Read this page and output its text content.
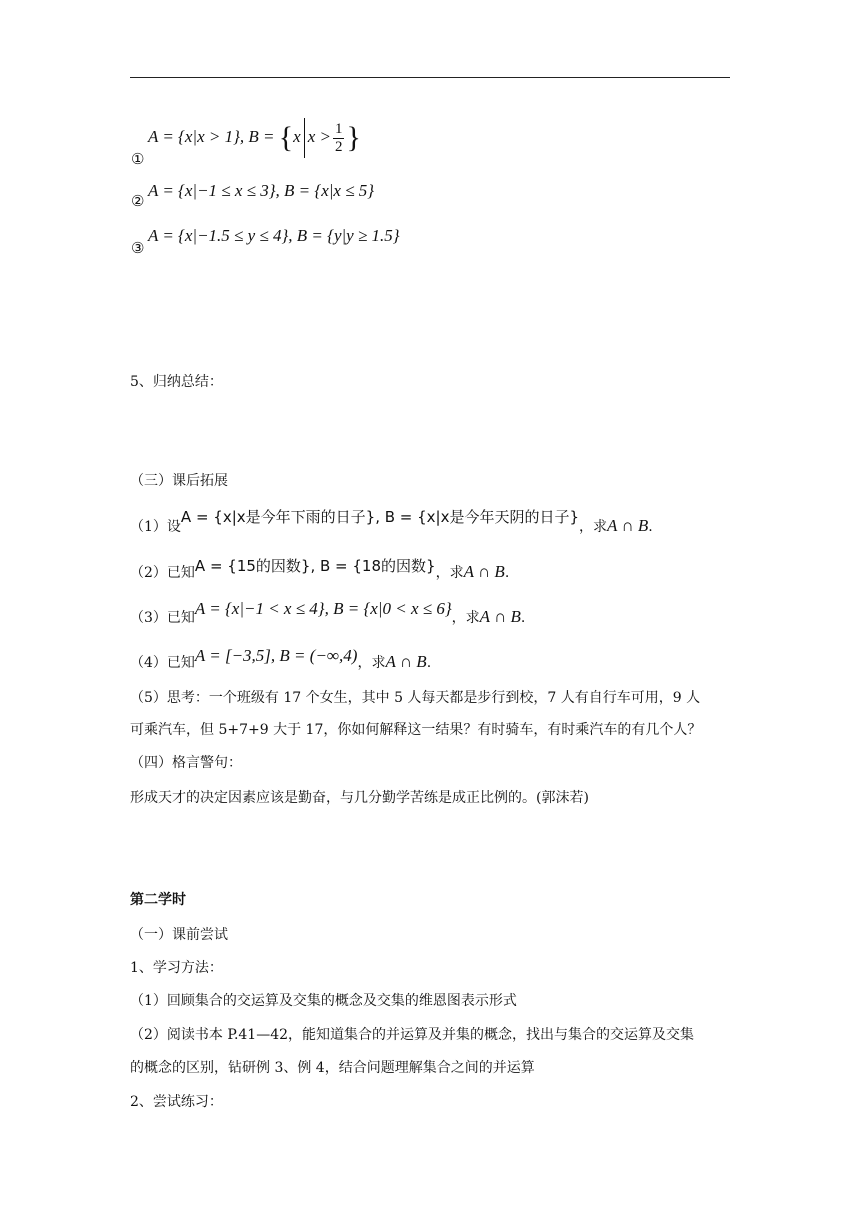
A = {x|x > 1}, B = {x $x > \frac{1}{2}$ }
①
A = {x|−1 ≤ x ≤ 3}, B = {x|x ≤ 5}
②
A = {x|−1.5 ≤ y ≤ 4}, B = {y|y ≥ 1.5}
③
5、归纳总结：
（三）课后拓展
（1）设A = {x|x是今年下雨的日子}, B = {x|x是今年天阴的日子}，求A ∩ B.
（2）已知A = {15的因数}, B = {18的因数}，求A ∩ B.
（3）已知A = {x|−1 < x ≤ 4}, B = {x|0 < x ≤ 6}，求A ∩ B.
（4）已知A = [−3,5], B = (−∞,4)，求A ∩ B.
（5）思考：一个班级有 17 个女生，其中 5 人每天都是步行到校，7 人有自行车可用，9 人
可乘汽车，但 5+7+9 大于 17，你如何解释这一结果？有时骑车，有时乘汽车的有几个人？
（四）格言警句：
形成天才的决定因素应该是勤奋，与几分勤学苦练是成正比例的。(郭沫若)
第二学时
（一）课前尝试
1、学习方法：
（1）回顾集合的交运算及交集的概念及交集的维恩图表示形式
（2）阅读书本 P.41—42，能知道集合的并运算及并集的概念，找出与集合的交运算及交集
的概念的区别，钻研例 3、例 4，结合问题理解集合之间的并运算
2、尝试练习：
